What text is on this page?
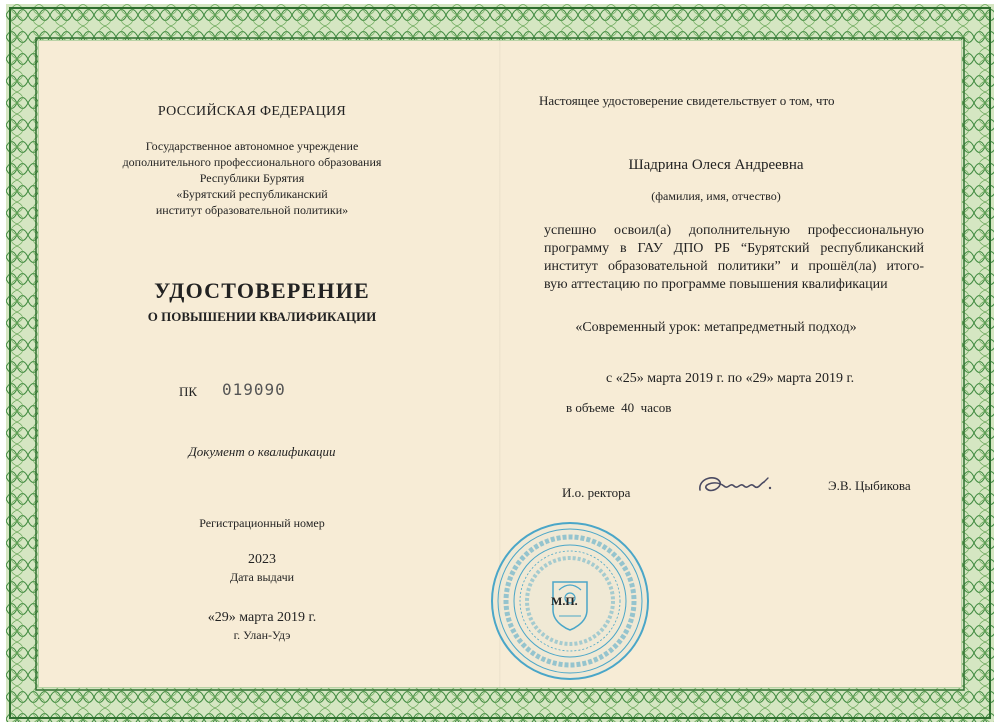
РОССИЙСКАЯ ФЕДЕРАЦИЯ
Государственное автономное учреждение
дополнительного профессионального образования
Республики Бурятия
«Бурятский республиканский
институт образовательной политики»
УДОСТОВЕРЕНИЕ
О ПОВЫШЕНИИ КВАЛИФИКАЦИИ
ПК 019090
Документ о квалификации
Регистрационный номер
2023
Дата выдачи
«29» марта 2019 г.
г. Улан-Удэ
Настоящее удостоверение свидетельствует о том, что
Шадрина Олеся Андреевна
(фамилия, имя, отчество)
успешно освоил(а) дополнительную профессиональную
программу в ГАУ ДПО РБ “Бурятский республиканский
институт образовательной политики” и прошёл(ла) итого-
вую аттестацию по программе повышения квалификации
«Современный урок: метапредметный подход»
с «25» марта 2019 г. по «29» марта 2019 г.
в объеме  40  часов
И.о. ректора	Э.В. Цыбикова
М.П.
